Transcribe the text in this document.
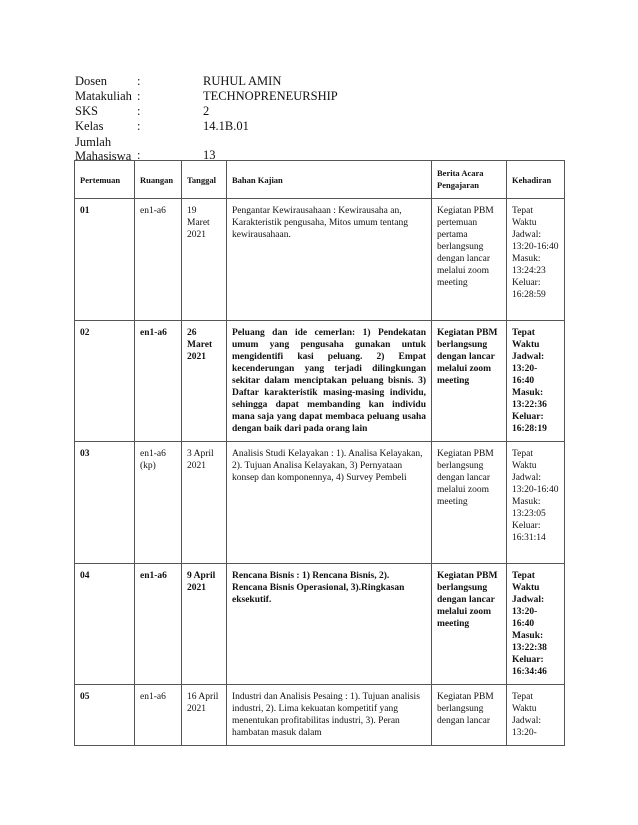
Dosen	:	RUHUL AMIN
Matakuliah :	TECHNOPRENEURSHIP
SKS	:	2
Kelas	:	14.1B.01
Jumlah Mahasiswa :	13
Pertemuan	Ruangan	Tanggal	Bahan Kajian	Berita Acara Pengajaran	Kehadiran
01	en1-a6	19 Maret 2021	Pengantar Kewirausahaan : Kewirausaha an, Karakteristik pengusaha, Mitos umum tentang kewirausahaan.	Kegiatan PBM pertemuan pertama berlangsung dengan lancar melalui zoom meeting	Tepat Waktu Jadwal: 13:20-16:40 Masuk: 13:24:23 Keluar: 16:28:59
02	en1-a6	26 Maret 2021	Peluang dan ide cemerlan: 1) Pendekatan umum yang pengusaha gunakan untuk mengidentifi kasi peluang. 2) Empat kecenderungan yang terjadi dilingkungan sekitar dalam menciptakan peluang bisnis. 3) Daftar karakteristik masing-masing individu, sehingga dapat membanding kan individu mana saja yang dapat membaca peluang usaha dengan baik dari pada orang lain	Kegiatan PBM berlangsung dengan lancar melalui zoom meeting	Tepat Waktu Jadwal: 13:20-16:40 Masuk: 13:22:36 Keluar: 16:28:19
03	en1-a6 (kp)	3 April 2021	Analisis Studi Kelayakan : 1). Analisa Kelayakan, 2). Tujuan Analisa Kelayakan, 3) Pernyataan konsep dan komponennya, 4) Survey Pembeli	Kegiatan PBM berlangsung dengan lancar melalui zoom meeting	Tepat Waktu Jadwal: 13:20-16:40 Masuk: 13:23:05 Keluar: 16:31:14
04	en1-a6	9 April 2021	Rencana Bisnis : 1) Rencana Bisnis, 2). Rencana Bisnis Operasional, 3).Ringkasan eksekutif.	Kegiatan PBM berlangsung dengan lancar melalui zoom meeting	Tepat Waktu Jadwal: 13:20-16:40 Masuk: 13:22:38 Keluar: 16:34:46
05	en1-a6	16 April 2021	Industri dan Analisis Pesaing : 1). Tujuan analisis industri, 2). Lima kekuatan kompetitif yang menentukan profitabilitas industri, 3). Peran hambatan masuk dalam	Kegiatan PBM berlangsung dengan lancar	Tepat Waktu Jadwal: 13:20-
